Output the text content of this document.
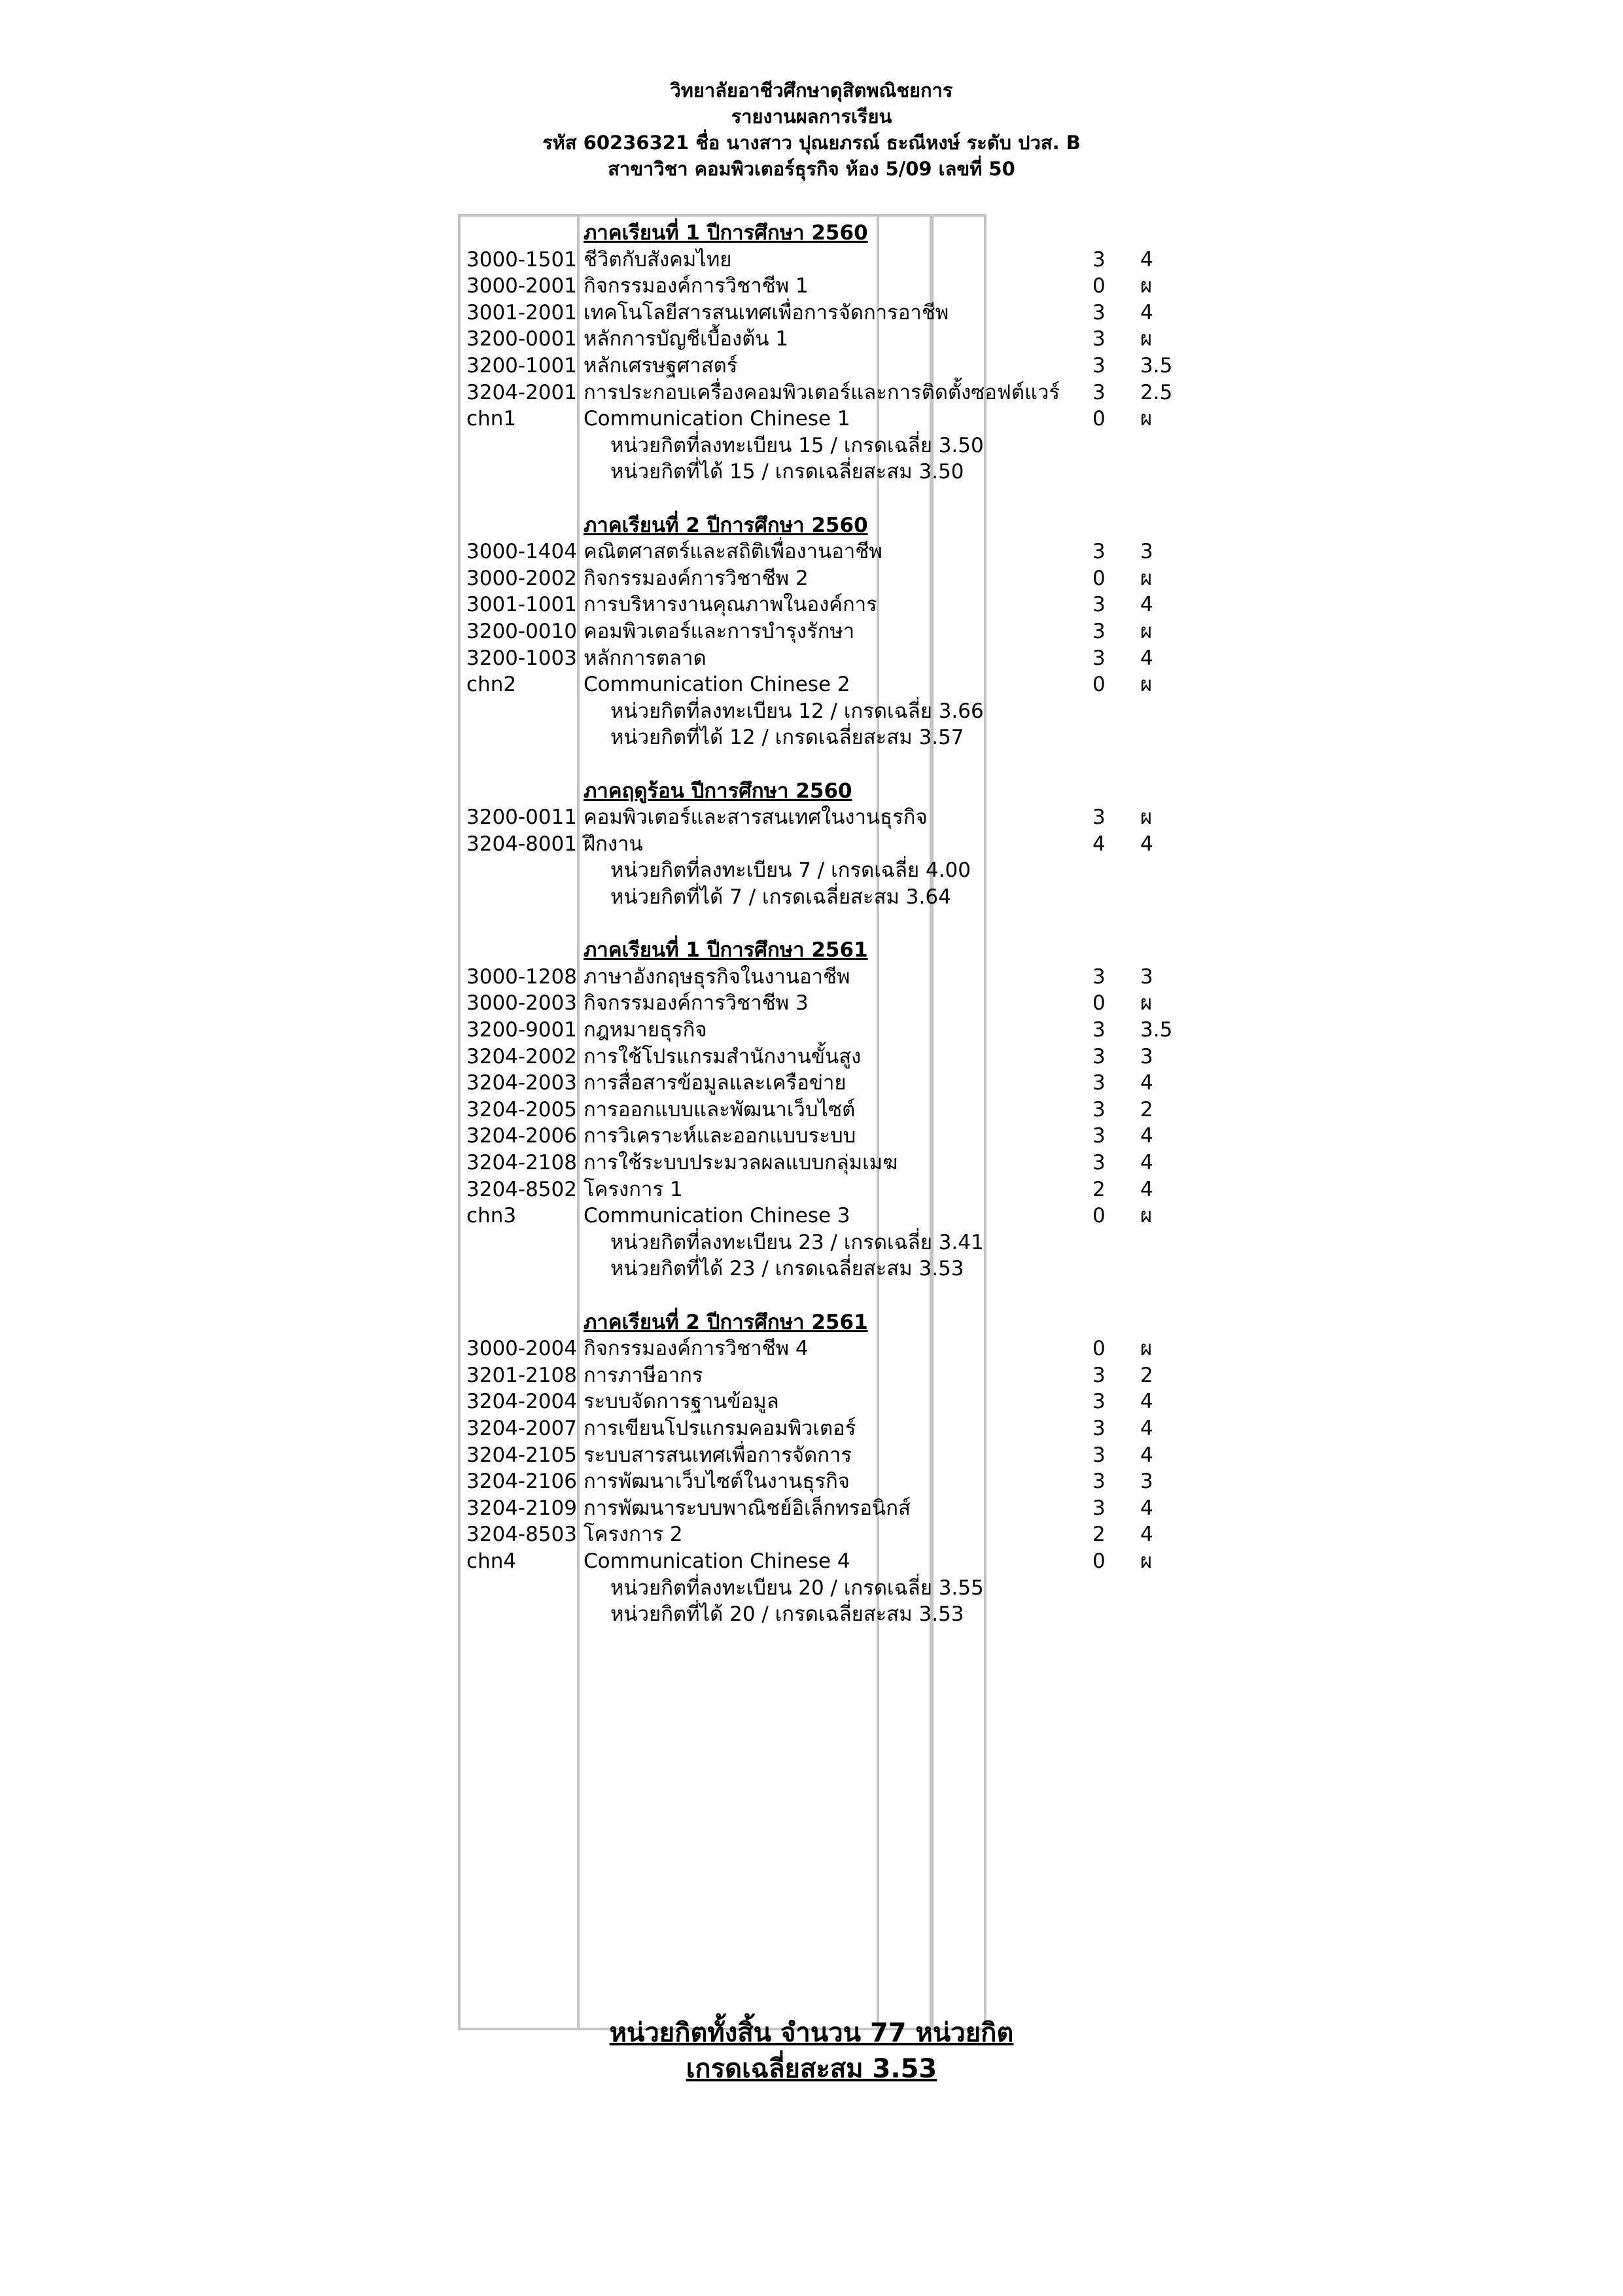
วิทยาลัยอาชีวศึกษาดุสิตพณิชยการ
รายงานผลการเรียน
รหัส 60236321 ชื่อ นางสาว ปุณยภรณ์ ธะณีหงษ์ ระดับ ปวส. B
สาขาวิชา คอมพิวเตอร์ธุรกิจ ห้อง 5/09 เลขที่ 50
ภาคเรียนที่ 1 ปีการศึกษา 2560
3000-1501 ชีวิตกับสังคมไทย	3 4
3000-2001 กิจกรรมองค์การวิชาชีพ 1	0 ผ
3001-2001 เทคโนโลยีสารสนเทศเพื่อการจัดการอาชีพ	3 4
3200-0001 หลักการบัญชีเบื้องต้น 1	3 ผ
3200-1001 หลักเศรษฐศาสตร์	3 3.5
3204-2001 การประกอบเครื่องคอมพิวเตอร์และการติดตั้งซอฟต์แวร์ 3 2.5
chn1	Communication Chinese 1	0 ผ
หน่วยกิตที่ลงทะเบียน 15 / เกรดเฉลี่ย 3.50
หน่วยกิตที่ได้ 15 / เกรดเฉลี่ยสะสม 3.50
ภาคเรียนที่ 2 ปีการศึกษา 2560
3000-1404 คณิตศาสตร์และสถิติเพื่องานอาชีพ	3 3
3000-2002 กิจกรรมองค์การวิชาชีพ 2	0 ผ
3001-1001 การบริหารงานคุณภาพในองค์การ	3 4
3200-0010 คอมพิวเตอร์และการบำรุงรักษา	3 ผ
3200-1003 หลักการตลาด	3 4
chn2	Communication Chinese 2	0 ผ
หน่วยกิตที่ลงทะเบียน 12 / เกรดเฉลี่ย 3.66
หน่วยกิตที่ได้ 12 / เกรดเฉลี่ยสะสม 3.57
ภาคฤดูร้อน ปีการศึกษา 2560
3200-0011 คอมพิวเตอร์และสารสนเทศในงานธุรกิจ	3 ผ
3204-8001 ฝึกงาน	4 4
หน่วยกิตที่ลงทะเบียน 7 / เกรดเฉลี่ย 4.00
หน่วยกิตที่ได้ 7 / เกรดเฉลี่ยสะสม 3.64
ภาคเรียนที่ 1 ปีการศึกษา 2561
3000-1208 ภาษาอังกฤษธุรกิจในงานอาชีพ	3 3
3000-2003 กิจกรรมองค์การวิชาชีพ 3	0 ผ
3200-9001 กฎหมายธุรกิจ	3 3.5
3204-2002 การใช้โปรแกรมสำนักงานขั้นสูง	3 3
3204-2003 การสื่อสารข้อมูลและเครือข่าย	3 4
3204-2005 การออกแบบและพัฒนาเว็บไซต์	3 2
3204-2006 การวิเคราะห์และออกแบบระบบ	3 4
3204-2108 การใช้ระบบประมวลผลแบบกลุ่มเมฆ	3 4
3204-8502 โครงการ 1	2 4
chn3	Communication Chinese 3	0 ผ
หน่วยกิตที่ลงทะเบียน 23 / เกรดเฉลี่ย 3.41
หน่วยกิตที่ได้ 23 / เกรดเฉลี่ยสะสม 3.53
ภาคเรียนที่ 2 ปีการศึกษา 2561
3000-2004 กิจกรรมองค์การวิชาชีพ 4	0 ผ
3201-2108 การภาษีอากร	3 2
3204-2004 ระบบจัดการฐานข้อมูล	3 4
3204-2007 การเขียนโปรแกรมคอมพิวเตอร์	3 4
3204-2105 ระบบสารสนเทศเพื่อการจัดการ	3 4
3204-2106 การพัฒนาเว็บไซต์ในงานธุรกิจ	3 3
3204-2109 การพัฒนาระบบพาณิชย์อิเล็กทรอนิกส์	3 4
3204-8503 โครงการ 2	2 4
chn4	Communication Chinese 4	0 ผ
หน่วยกิตที่ลงทะเบียน 20 / เกรดเฉลี่ย 3.55
หน่วยกิตที่ได้ 20 / เกรดเฉลี่ยสะสม 3.53
หน่วยกิตทั้งสิ้น จำนวน 77 หน่วยกิต
เกรดเฉลี่ยสะสม 3.53
